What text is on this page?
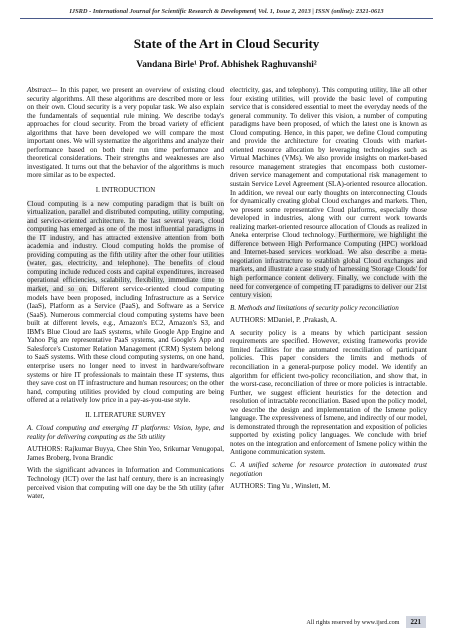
IJSRD - International Journal for Scientific Research & Development| Vol. 1, Issue 2, 2013 | ISSN (online): 2321-0613
State of the Art in Cloud Security
Vandana Birle¹ Prof. Abhishek Raghuvanshi²

Abstract— In this paper, we present an overview of existing cloud security algorithms. All these algorithms are described more or less on their own. Cloud security is a very popular task. We also explain the fundamentals of sequential rule mining. We describe today's approaches for cloud security. From the broad variety of efficient algorithms that have been developed we will compare the most important ones. We will systematize the algorithms and analyze their performance based on both their run time performance and theoretical considerations. Their strengths and weaknesses are also investigated. It turns out that the behavior of the algorithms is much more similar as to be expected.

I. INTRODUCTION

Cloud computing is a new computing paradigm that is built on virtualization, parallel and distributed computing, utility computing, and service-oriented architecture. In the last several years, cloud computing has emerged as one of the most influential paradigms in the IT industry, and has attracted extensive attention from both academia and industry. Cloud computing holds the promise of providing computing as the fifth utility after the other four utilities (water, gas, electricity, and telephone). The benefits of cloud computing include reduced costs and capital expenditures, increased operational efficiencies, scalability, flexibility, immediate time to market, and so on. Different service-oriented cloud computing models have been proposed, including Infrastructure as a Service (IaaS), Platform as a Service (PaaS), and Software as a Service (SaaS). Numerous commercial cloud computing systems have been built at different levels, e.g., Amazon's EC2, Amazon's S3, and IBM's Blue Cloud are IaaS systems, while Google App Engine and Yahoo Pig are representative PaaS systems, and Google's App and Salesforce's Customer Relation Management (CRM) System belong to SaaS systems. With these cloud computing systems, on one hand, enterprise users no longer need to invest in hardware/software systems or hire IT professionals to maintain these IT systems, thus they save cost on IT infrastructure and human resources; on the other hand, computing utilities provided by cloud computing are being offered at a relatively low price in a pay-as-you-use style.

II. LITERATURE SURVEY

A. Cloud computing and emerging IT platforms: Vision, hype, and reality for delivering computing as the 5th utility

AUTHORS: Rajkumar Buyya, Chee Shin Yeo, Srikumar Venugopal, James Broberg, Ivona Brandic

With the significant advances in Information and Communications Technology (ICT) over the last half century, there is an increasingly perceived vision that computing will one day be the 5th utility (after water,

electricity, gas, and telephony). This computing utility, like all other four existing utilities, will provide the basic level of computing service that is considered essential to meet the everyday needs of the general community. To deliver this vision, a number of computing paradigms have been proposed, of which the latest one is known as Cloud computing. Hence, in this paper, we define Cloud computing and provide the architecture for creating Clouds with market-oriented resource allocation by leveraging technologies such as Virtual Machines (VMs). We also provide insights on market-based resource management strategies that encompass both customer-driven service management and computational risk management to sustain Service Level Agreement (SLA)-oriented resource allocation. In addition, we reveal our early thoughts on interconnecting Clouds for dynamically creating global Cloud exchanges and markets. Then, we present some representative Cloud platforms, especially those developed in industries, along with our current work towards realizing market-oriented resource allocation of Clouds as realized in Aneka enterprise Cloud technology. Furthermore, we highlight the difference between High Performance Computing (HPC) workload and Internet-based services workload. We also describe a meta-negotiation infrastructure to establish global Cloud exchanges and markets, and illustrate a case study of harnessing 'Storage Clouds' for high performance content delivery. Finally, we conclude with the need for convergence of competing IT paradigms to deliver our 21st century vision.

B. Methods and limitations of security policy reconciliation

AUTHORS: MDaniel, P. ,Prakash, A.

A security policy is a means by which participant session requirements are specified. However, existing frameworks provide limited facilities for the automated reconciliation of participant policies. This paper considers the limits and methods of reconciliation in a general-purpose policy model. We identify an algorithm for efficient two-policy reconciliation, and show that, in the worst-case, reconciliation of three or more policies is intractable. Further, we suggest efficient heuristics for the detection and resolution of intractable reconciliation. Based upon the policy model, we describe the design and implementation of the Ismene policy language. The expressiveness of Ismene, and indirectly of our model, is demonstrated through the representation and exposition of policies supported by existing policy languages. We conclude with brief notes on the integration and enforcement of Ismene policy within the Antigone communication system.

C. A unified scheme for resource protection in automated trust negotiation

AUTHORS: Ting Yu , Winslett, M.

All rights reserved by www.ijsrd.com	221
